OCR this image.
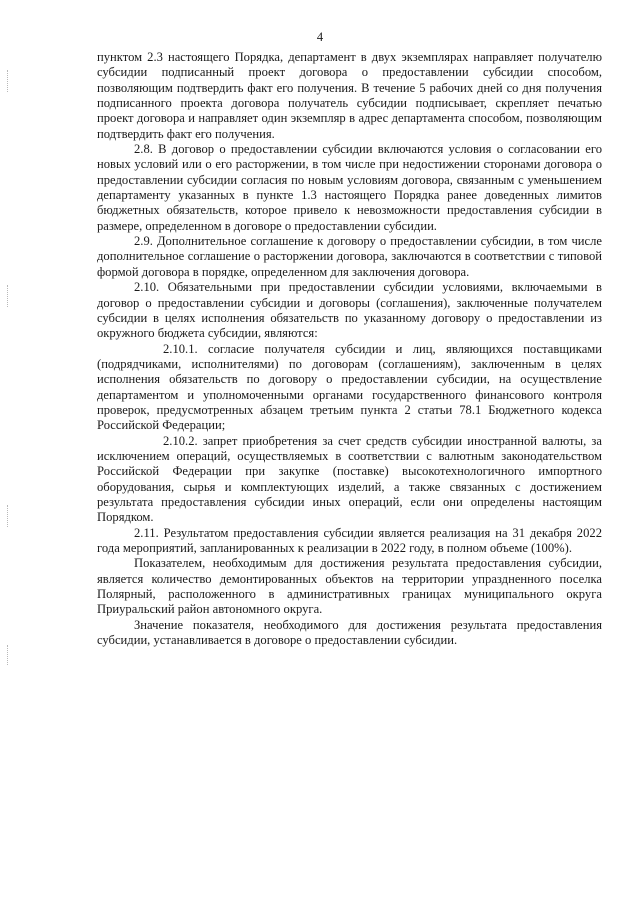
4

пунктом 2.3 настоящего Порядка, департамент в двух экземплярах направляет получателю субсидии подписанный проект договора о предоставлении субсидии способом, позволяющим подтвердить факт его получения. В течение 5 рабочих дней со дня получения подписанного проекта договора получатель субсидии подписывает, скрепляет печатью проект договора и направляет один экземпляр в адрес департамента способом, позволяющим подтвердить факт его получения.

2.8. В договор о предоставлении субсидии включаются условия о согласовании его новых условий или о его расторжении, в том числе при недостижении сторонами договора о предоставлении субсидии согласия по новым условиям договора, связанным с уменьшением департаменту указанных в пункте 1.3 настоящего Порядка ранее доведенных лимитов бюджетных обязательств, которое привело к невозможности предоставления субсидии в размере, определенном в договоре о предоставлении субсидии.

2.9. Дополнительное соглашение к договору о предоставлении субсидии, в том числе дополнительное соглашение о расторжении договора, заключаются в соответствии с типовой формой договора в порядке, определенном для заключения договора.

2.10. Обязательными при предоставлении субсидии условиями, включаемыми в договор о предоставлении субсидии и договоры (соглашения), заключенные получателем субсидии в целях исполнения обязательств по указанному договору о предоставлении из окружного бюджета субсидии, являются:

2.10.1. согласие получателя субсидии и лиц, являющихся поставщиками (подрядчиками, исполнителями) по договорам (соглашениям), заключенным в целях исполнения обязательств по договору о предоставлении субсидии, на осуществление департаментом и уполномоченными органами государственного финансового контроля проверок, предусмотренных абзацем третьим пункта 2 статьи 78.1 Бюджетного кодекса Российской Федерации;

2.10.2. запрет приобретения за счет средств субсидии иностранной валюты, за исключением операций, осуществляемых в соответствии с валютным законодательством Российской Федерации при закупке (поставке) высокотехнологичного импортного оборудования, сырья и комплектующих изделий, а также связанных с достижением результата предоставления субсидии иных операций, если они определены настоящим Порядком.

2.11. Результатом предоставления субсидии является реализация на 31 декабря 2022 года мероприятий, запланированных к реализации в 2022 году, в полном объеме (100%).

Показателем, необходимым для достижения результата предоставления субсидии, является количество демонтированных объектов на территории упраздненного поселка Полярный, расположенного в административных границах муниципального округа Приуральский район автономного округа.

Значение показателя, необходимого для достижения результата предоставления субсидии, устанавливается в договоре о предоставлении субсидии.
